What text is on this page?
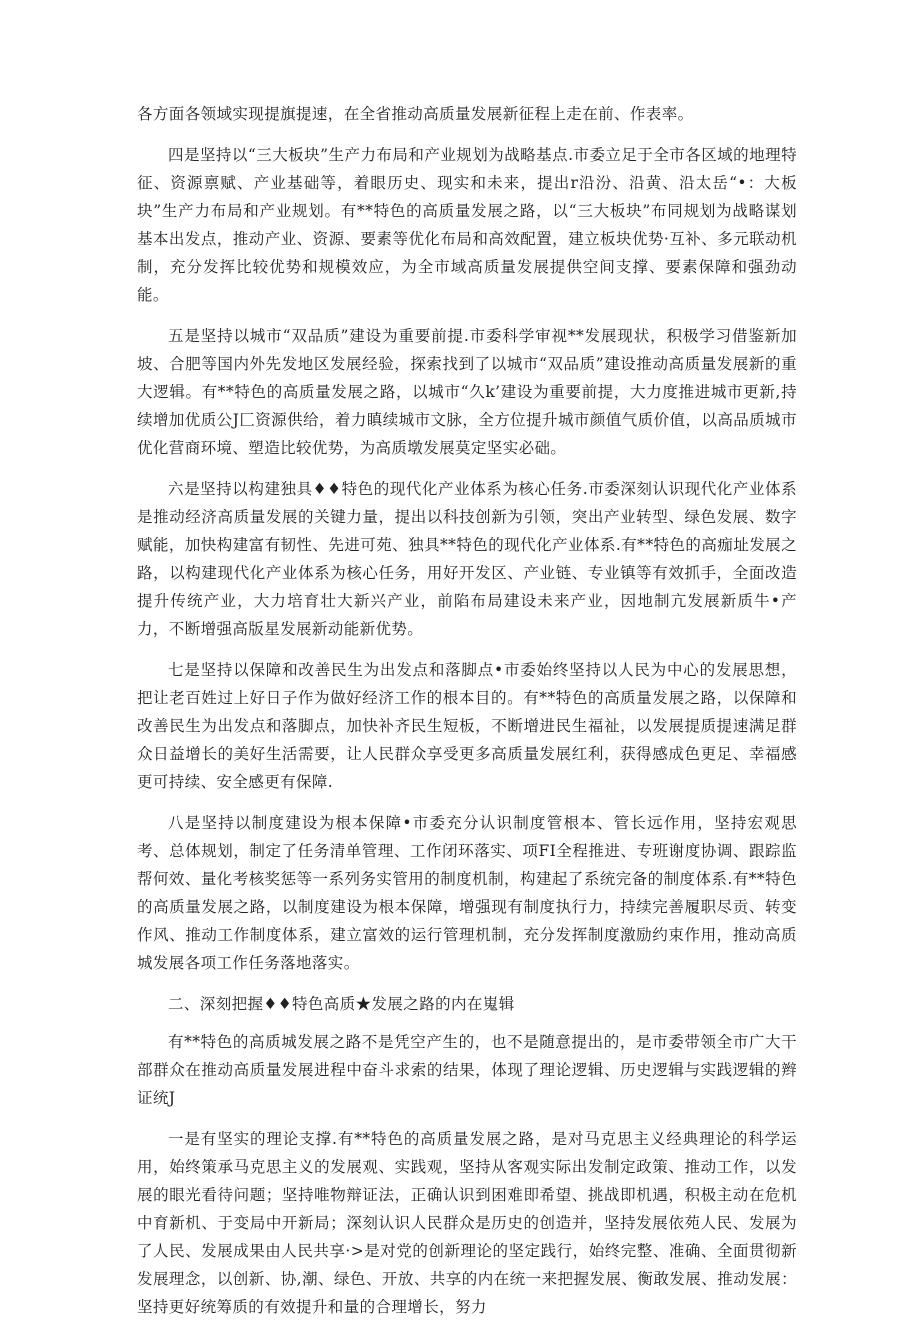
各方面各领域实现提旗提速，在全省推动高质量发展新征程上走在前、作表率。

四是坚持以“三大板块”生产力布局和产业规划为战略基点.市委立足于全市各区域的地理特征、资源禀赋、产业基础等，着眼历史、现实和未来，提出r沿汾、沿黄、沿太岳“•：大板块”生产力布局和产业规划。有**特色的高质量发展之路，以“三大板块”布同规划为战略谋划基本出发点，推动产业、资源、要素等优化布局和高效配置，建立板块优势·互补、多元联动机制，充分发挥比较优势和规模效应，为全市域高质量发展提供空间支撑、要素保障和强劲动能。

五是坚持以城市“双品质”建设为重要前提.市委科学审视**发展现状，积极学习借鉴新加坡、合肥等国内外先发地区发展经验，探索找到了以城市“双品质”建设推动高质量发展新的重大逻辑。有**特色的高质量发展之路，以城市“久k’建设为重要前提，大力度推进城市更新,持续增加优质公J匚资源供给，着力瞋续城市文脉，全方位提升城市颜值气质价值，以高品质城市优化营商环境、塑造比较优势，为高质墩发展莫定坚实必础。

六是坚持以构建独具♦♦特色的现代化产业体系为核心任务.市委深刻认识现代化产业体系是推动经济高质量发展的关键力量，提出以科技创新为引领，突出产业转型、绿色发展、数字赋能，加快构建富有韧性、先进可苑、独具**特色的现代化产业体系.有**特色的高痂址发展之路，以构建现代化产业体系为核心任务，用好开发区、产业链、专业镇等有效抓手，全面改造提升传统产业，大力培育壮大新兴产业，前陷布局建设未来产业，因地制亢发展新质牛•产力，不断增强高版星发展新动能新优势。

七是坚持以保障和改善民生为出发点和落脚点•市委始终坚持以人民为中心的发展思想，把让老百姓过上好日子作为做好经济工作的根本目的。有**特色的高质量发展之路，以保障和改善民生为出发点和落脚点，加快补齐民生短板，不断增进民生福祉，以发展提质提速满足群众日益增长的美好生活需要，让人民群众享受更多高质量发展红利，获得感成色更足、幸福感更可持续、安全感更有保障.

八是坚持以制度建设为根本保障•市委充分认识制度管根本、管长远作用，坚持宏观思考、总体规划，制定了任务清单管理、工作闭环落实、项FI全程推进、专班谢度协调、跟踪监帮何效、量化考核奖惩等一系列务实管用的制度机制，构建起了系统完备的制度体系.有**特色的高质量发展之路，以制度建设为根本保障，增强现有制度执行力，持续完善履职尽贡、转变作风、推动工作制度体系，建立富效的运行管理机制，充分发挥制度激励约束作用，推动高质城发展各项工作任务落地落实。

二、深刻把握♦♦特色高质★发展之路的内在嵬辑

有**特色的高质城发展之路不是凭空产生的，也不是随意提出的，是市委带领全市广大干部群众在推动高质量发展进程中奋斗求索的结果，体现了理论逻辑、历史逻辑与实践逻辑的辫证统J

一是有坚实的理论支撑.有**特色的高质量发展之路，是对马克思主义经典理论的科学运用，始终策承马克思主义的发展观、实践观，坚持从客观实际出发制定政策、推动工作，以发展的眼光看待问题；坚持唯物辩证法，正确认识到困难即希望、挑战即机遇，积极主动在危机中育新机、于变局中开新局；深刻认识人民群众是历史的创造并，坚持发展依苑人民、发展为了人民、发展成果由人民共享·>是对党的创新理论的坚定践行，始终完整、准确、全面贯彻新发展理念，以创新、协,潮、绿色、开放、共享的内在统一来把握发展、衡敢发展、推动发展：坚持更好统筹质的有效提升和量的合理增长，努力
